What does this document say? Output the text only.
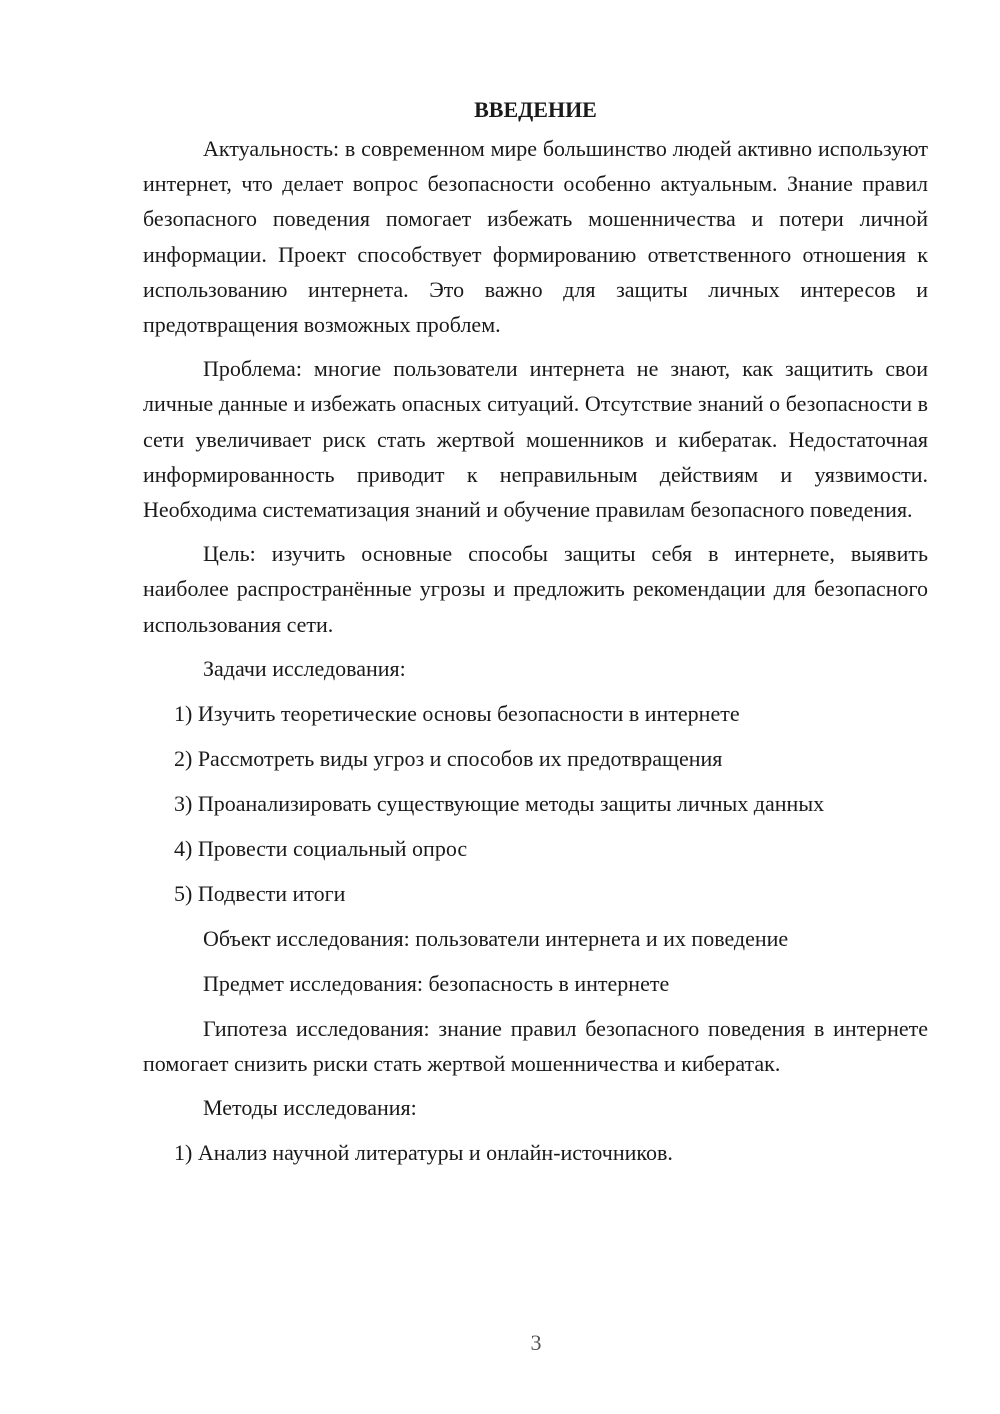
ВВЕДЕНИЕ

Актуальность: в современном мире большинство людей активно используют интернет, что делает вопрос безопасности особенно актуальным. Знание правил безопасного поведения помогает избежать мошенничества и потери личной информации. Проект способствует формированию ответственного отношения к использованию интернета. Это важно для защиты личных интересов и предотвращения возможных проблем.

Проблема: многие пользователи интернета не знают, как защитить свои личные данные и избежать опасных ситуаций. Отсутствие знаний о безопасности в сети увеличивает риск стать жертвой мошенников и кибератак. Недостаточная информированность приводит к неправильным действиям и уязвимости. Необходима систематизация знаний и обучение правилам безопасного поведения.

Цель: изучить основные способы защиты себя в интернете, выявить наиболее распространённые угрозы и предложить рекомендации для безопасного использования сети.

Задачи исследования:

1) Изучить теоретические основы безопасности в интернете

2) Рассмотреть виды угроз и способов их предотвращения

3) Проанализировать существующие методы защиты личных данных

4) Провести социальный опрос

5) Подвести итоги

Объект исследования: пользователи интернета и их поведение

Предмет исследования: безопасность в интернете

Гипотеза исследования: знание правил безопасного поведения в интернете помогает снизить риски стать жертвой мошенничества и кибератак.

Методы исследования:

1) Анализ научной литературы и онлайн-источников.

3
